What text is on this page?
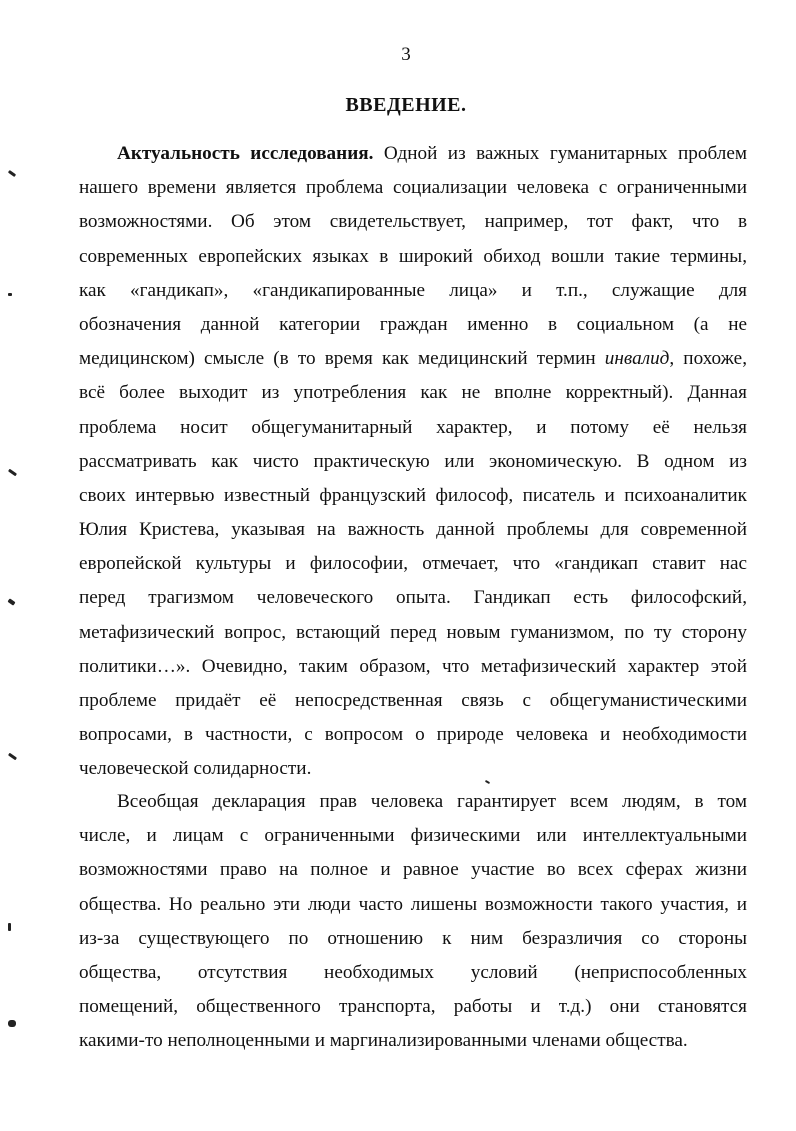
3
ВВЕДЕНИЕ.
Актуальность исследования. Одной из важных гуманитарных проблем
нашего времени является проблема социализации человека с ограниченными
возможностями. Об этом свидетельствует, например, тот факт, что в
современных европейских языках в широкий обиход вошли такие термины,
как «гандикап», «гандикапированные лица» и т.п., служащие для
обозначения данной категории граждан именно в социальном (а не
медицинском) смысле (в то время как медицинский термин инвалид, похоже,
всё более выходит из употребления как не вполне корректный). Данная
проблема носит общегуманитарный характер, и потому её нельзя
рассматривать как чисто практическую или экономическую. В одном из
своих интервью известный французский философ, писатель и психоаналитик
Юлия Кристева, указывая на важность данной проблемы для современной
европейской культуры и философии, отмечает, что «гандикап ставит нас
перед трагизмом человеческого опыта. Гандикап есть философский,
метафизический вопрос, встающий перед новым гуманизмом, по ту сторону
политики…». Очевидно, таким образом, что метафизический характер этой
проблеме придаёт её непосредственная связь с общегуманистическими
вопросами, в частности, с вопросом о природе человека и необходимости
человеческой солидарности.
Всеобщая декларация прав человека гарантирует всем людям, в том
числе, и лицам с ограниченными физическими или интеллектуальными
возможностями право на полное и равное участие во всех сферах жизни
общества. Но реально эти люди часто лишены возможности такого участия, и
из-за существующего по отношению к ним безразличия со стороны
общества, отсутствия необходимых условий (неприспособленных
помещений, общественного транспорта, работы и т.д.) они становятся
какими-то неполноценными и маргинализированными членами общества.
